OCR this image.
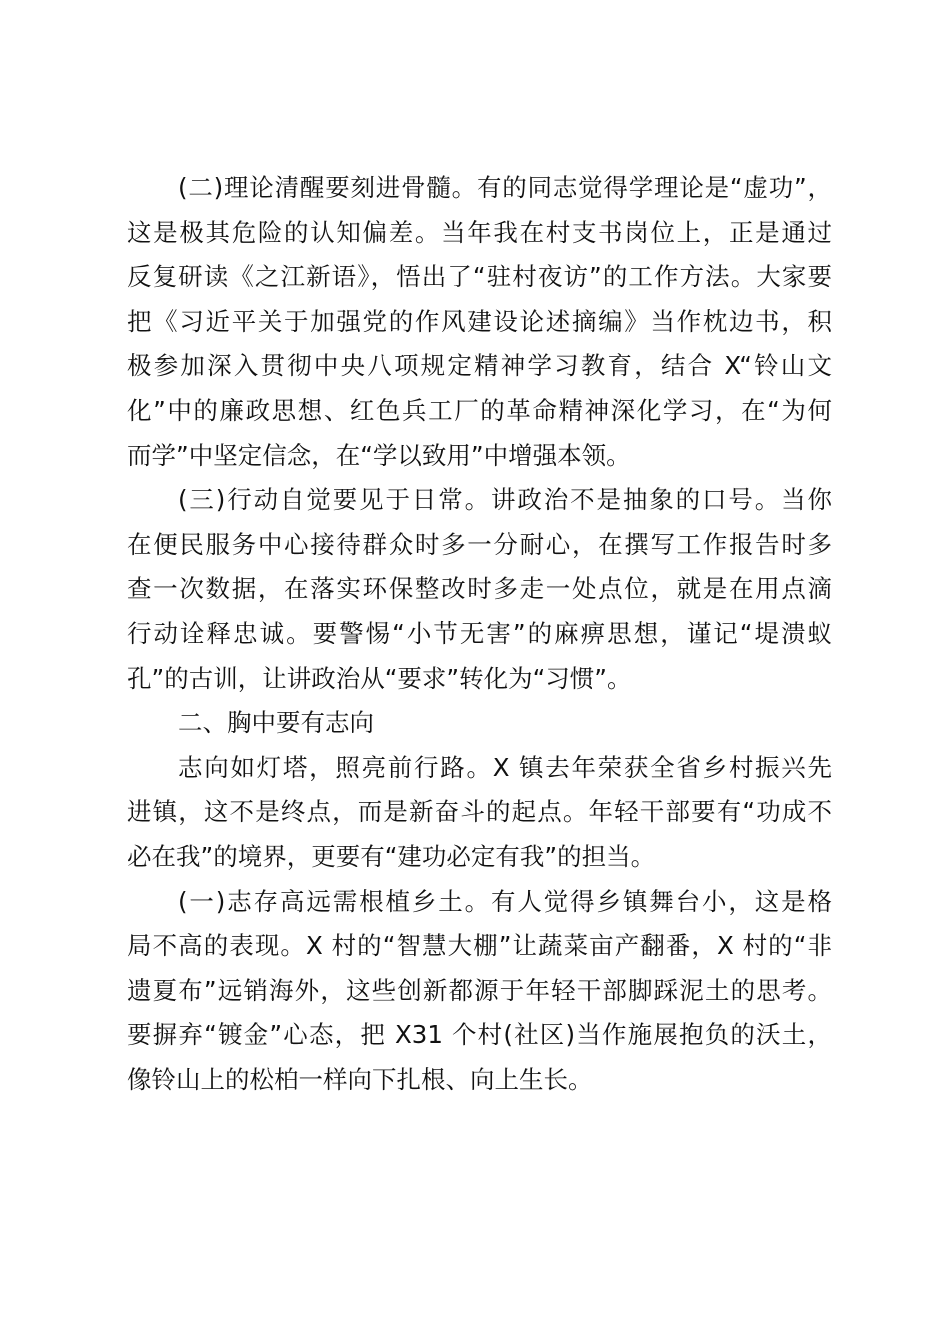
(二)理论清醒要刻进骨髓。有的同志觉得学理论是“虚功”，
这是极其危险的认知偏差。当年我在村支书岗位上，正是通过
反复研读《之江新语》，悟出了“驻村夜访”的工作方法。大家要
把《习近平关于加强党的作风建设论述摘编》当作枕边书，积
极参加深入贯彻中央八项规定精神学习教育，结合 X“铃山文
化”中的廉政思想、红色兵工厂的革命精神深化学习，在“为何
而学”中坚定信念，在“学以致用”中增强本领。
(三)行动自觉要见于日常。讲政治不是抽象的口号。当你
在便民服务中心接待群众时多一分耐心，在撰写工作报告时多
查一次数据，在落实环保整改时多走一处点位，就是在用点滴
行动诠释忠诚。要警惕“小节无害”的麻痹思想，谨记“堤溃蚁
孔”的古训，让讲政治从“要求”转化为“习惯”。
二、胸中要有志向
志向如灯塔，照亮前行路。X 镇去年荣获全省乡村振兴先
进镇，这不是终点，而是新奋斗的起点。年轻干部要有“功成不
必在我”的境界，更要有“建功必定有我”的担当。
(一)志存高远需根植乡土。有人觉得乡镇舞台小，这是格
局不高的表现。X 村的“智慧大棚”让蔬菜亩产翻番，X 村的“非
遗夏布”远销海外，这些创新都源于年轻干部脚踩泥土的思考。
要摒弃“镀金”心态，把 X31 个村(社区)当作施展抱负的沃土，
像铃山上的松柏一样向下扎根、向上生长。
